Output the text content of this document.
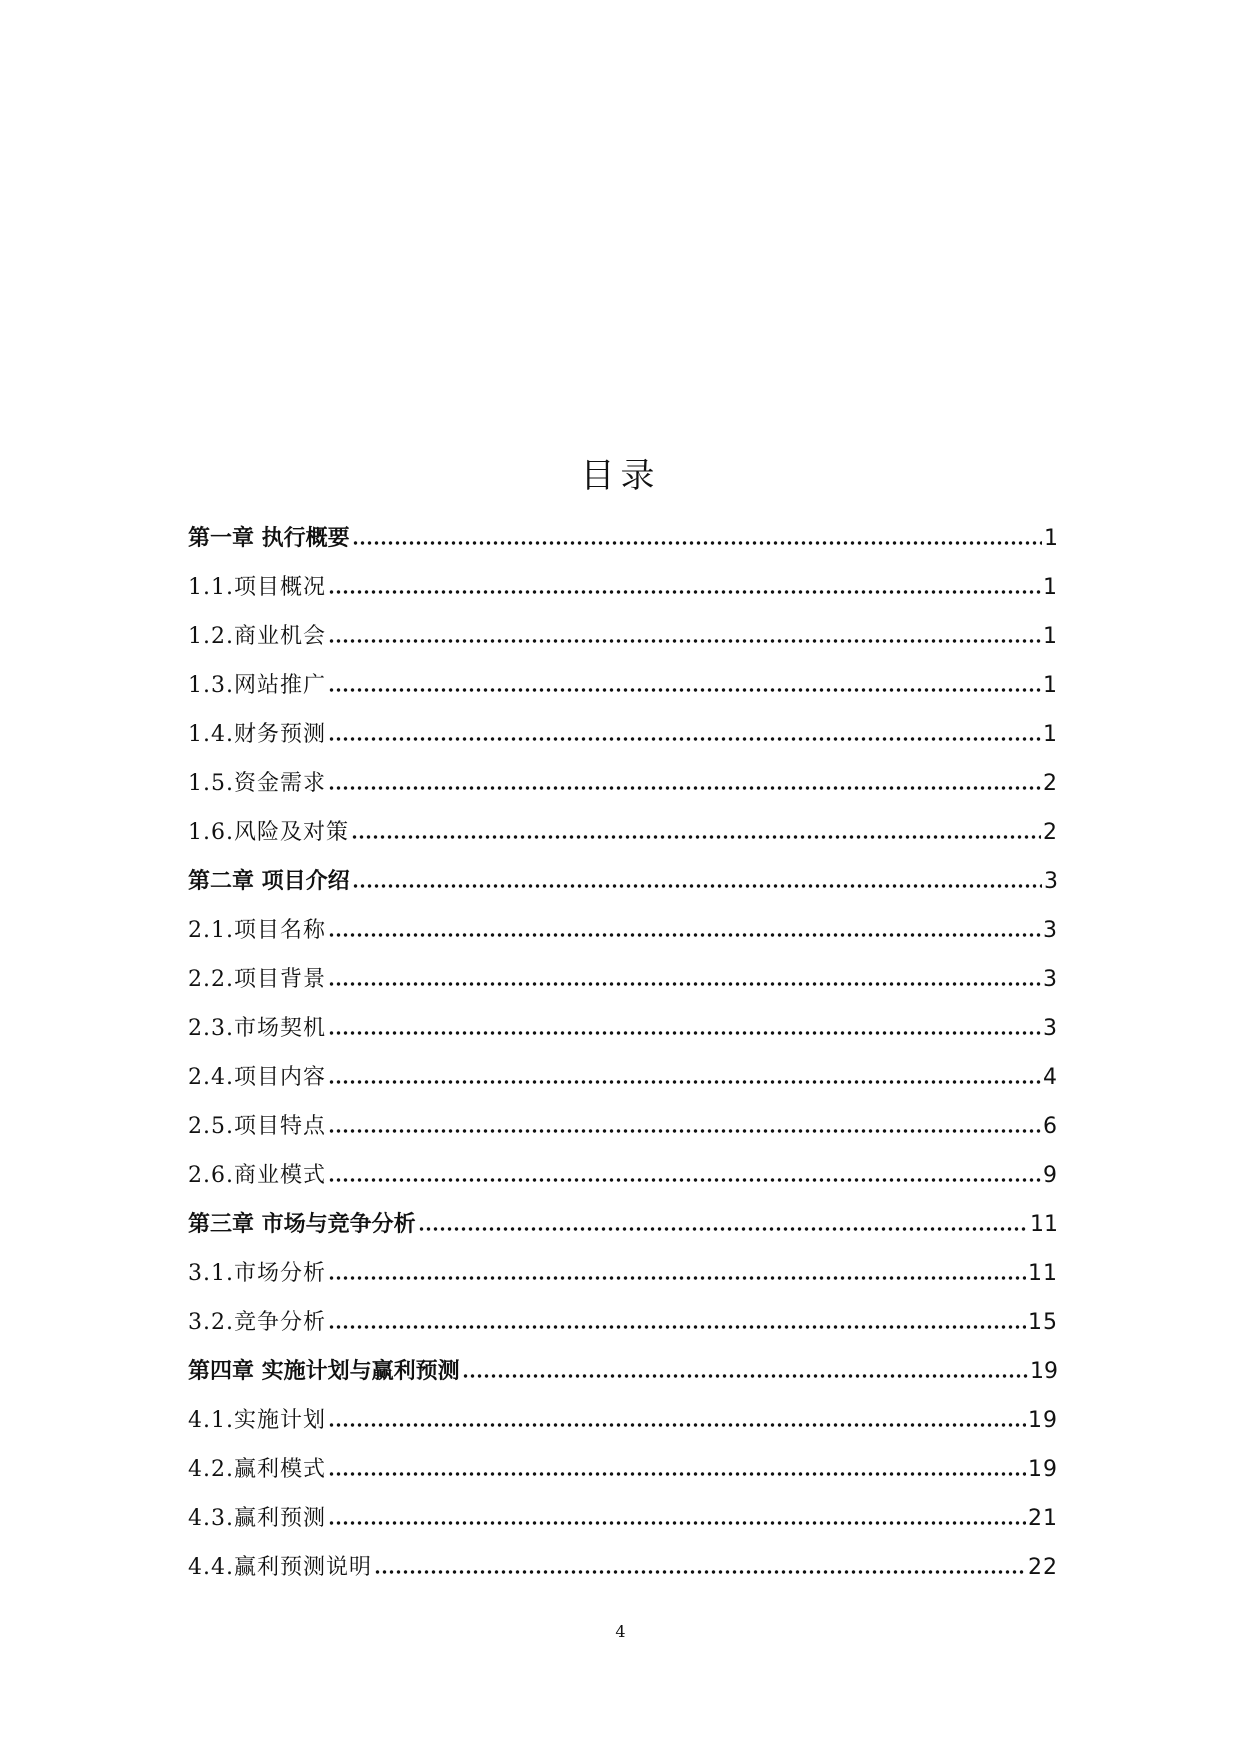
目录
第一章 执行概要	1
1.1.项目概况	1
1.2.商业机会	1
1.3.网站推广	1
1.4.财务预测	1
1.5.资金需求	2
1.6.风险及对策	2
第二章 项目介绍	3
2.1.项目名称	3
2.2.项目背景	3
2.3.市场契机	3
2.4.项目内容	4
2.5.项目特点	6
2.6.商业模式	9
第三章 市场与竞争分析	11
3.1.市场分析	11
3.2.竞争分析	15
第四章 实施计划与赢利预测	19
4.1.实施计划	19
4.2.赢利模式	19
4.3.赢利预测	21
4.4.赢利预测说明	22
4
